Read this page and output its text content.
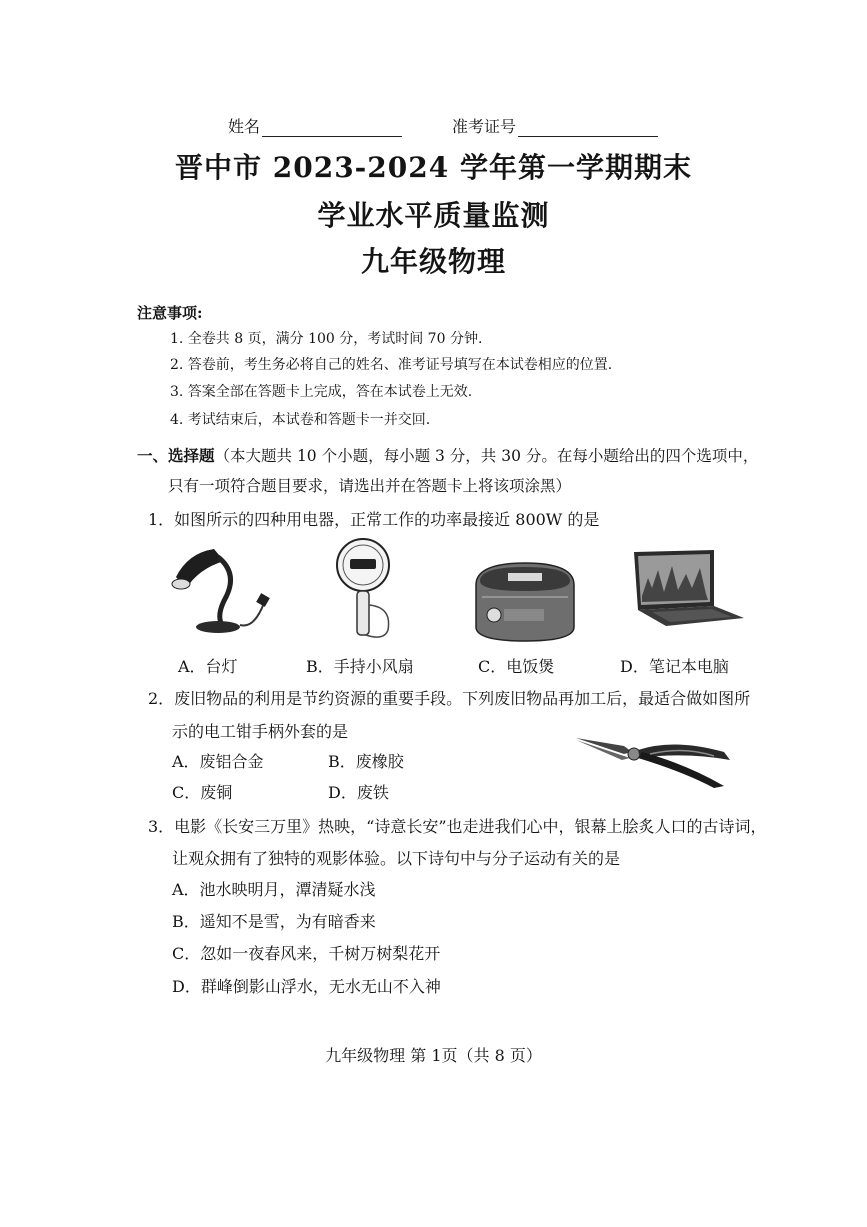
姓名	准考证号
晋中市 2023-2024 学年第一学期期末
学业水平质量监测
九年级物理
注意事项:
1. 全卷共 8 页，满分 100 分，考试时间 70 分钟.
2. 答卷前，考生务必将自己的姓名、准考证号填写在本试卷相应的位置.
3. 答案全部在答题卡上完成，答在本试卷上无效.
4. 考试结束后，本试卷和答题卡一并交回.
一、选择题（本大题共 10 个小题，每小题 3 分，共 30 分。在每小题给出的四个选项中，
只有一项符合题目要求，请选出并在答题卡上将该项涂黑）
1．如图所示的四种用电器，正常工作的功率最接近 800W 的是
A．台灯	B．手持小风扇	C．电饭煲	D．笔记本电脑
2．废旧物品的利用是节约资源的重要手段。下列废旧物品再加工后，最适合做如图所
示的电工钳手柄外套的是
A．废铝合金	B．废橡胶
C．废铜	D．废铁
3．电影《长安三万里》热映，“诗意长安”也走进我们心中，银幕上脍炙人口的古诗词，
让观众拥有了独特的观影体验。以下诗句中与分子运动有关的是
A．池水映明月，潭清疑水浅
B．遥知不是雪，为有暗香来
C．忽如一夜春风来，千树万树梨花开
D．群峰倒影山浮水，无水无山不入神
九年级物理 第 1页（共 8 页）
